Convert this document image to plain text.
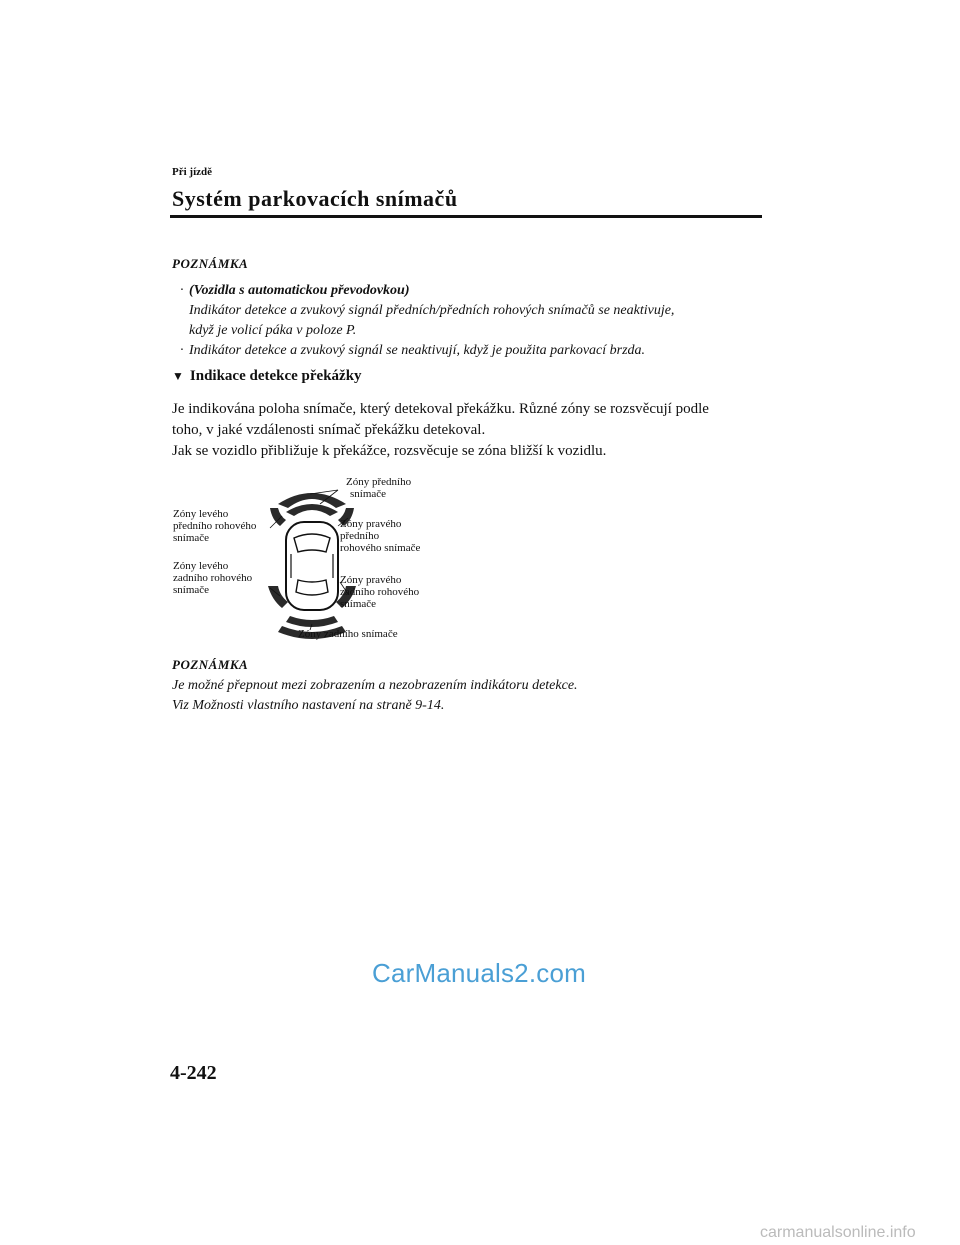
Při jízdě
Systém parkovacích snímačů
POZNÁMKA
· (Vozidla s automatickou převodovkou)
Indikátor detekce a zvukový signál předních/předních rohových snímačů se neaktivuje,
když je volicí páka v poloze P.
· Indikátor detekce a zvukový signál se neaktivují, když je použita parkovací brzda.
▼ Indikace detekce překážky

Je indikována poloha snímače, který detekoval překážku. Různé zóny se rozsvěcují podle

toho, v jaké vzdálenosti snímač překážku detekoval.

Jak se vozidlo přibližuje k překážce, rozsvěcuje se zóna bližší k vozidlu.

Zóny předního
snímače
Zóny levého
předního rohového
snímače
Zóny pravého
předního
rohového snímače
Zóny levého
zadního rohového
snímače
Zóny pravého
zadního rohového
snímače
Zóny zadního snímače
POZNÁMKA

Je možné přepnout mezi zobrazením a nezobrazením indikátoru detekce.

Viz Možnosti vlastního nastavení na straně 9-14.

CarManuals2.com
4-242
carmanualsonline.info
